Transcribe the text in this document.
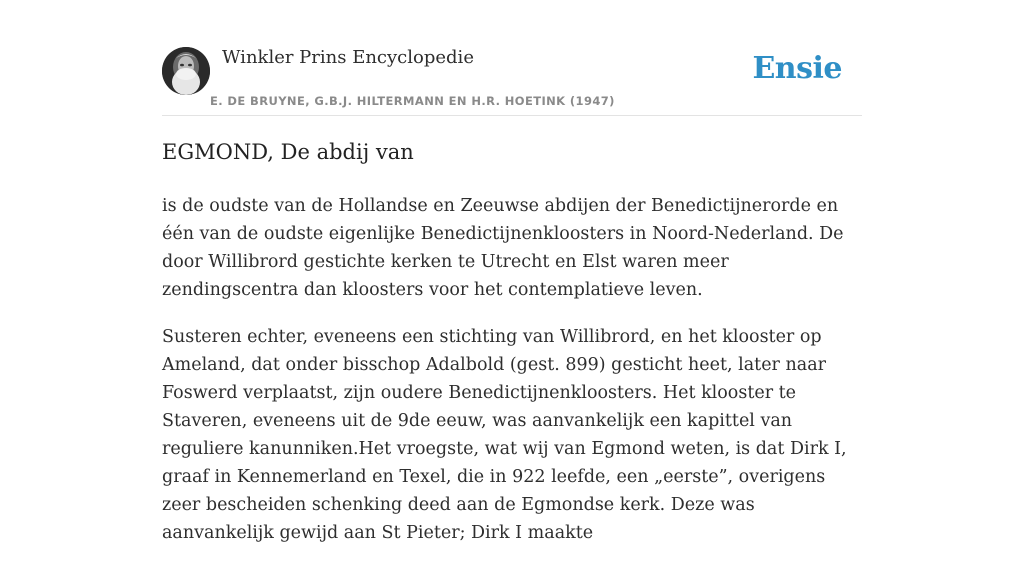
Winkler Prins Encyclopedie
E. DE BRUYNE, G.B.J. HILTERMANN EN H.R. HOETINK (1947)
Ensie
EGMOND, De abdij van

is de oudste van de Hollandse en Zeeuwse abdijen der Benedictijnerorde en één van de oudste eigenlijke Benedictijnenkloosters in Noord-Nederland. De door Willibrord gestichte kerken te Utrecht en Elst waren meer zendingscentra dan kloosters voor het contemplatieve leven.

Susteren echter, eveneens een stichting van Willibrord, en het klooster op Ameland, dat onder bisschop Adalbold (gest. 899) gesticht heet, later naar Foswerd verplaatst, zijn oudere Benedictijnenkloosters. Het klooster te Staveren, eveneens uit de 9de eeuw, was aanvankelijk een kapittel van reguliere kanunniken.Het vroegste, wat wij van Egmond weten, is dat Dirk I, graaf in Kennemerland en Texel, die in 922 leefde, een „eerste”, overigens zeer bescheiden schenking deed aan de Egmondse kerk. Deze was aanvankelijk gewijd aan St Pieter; Dirk I maakte
